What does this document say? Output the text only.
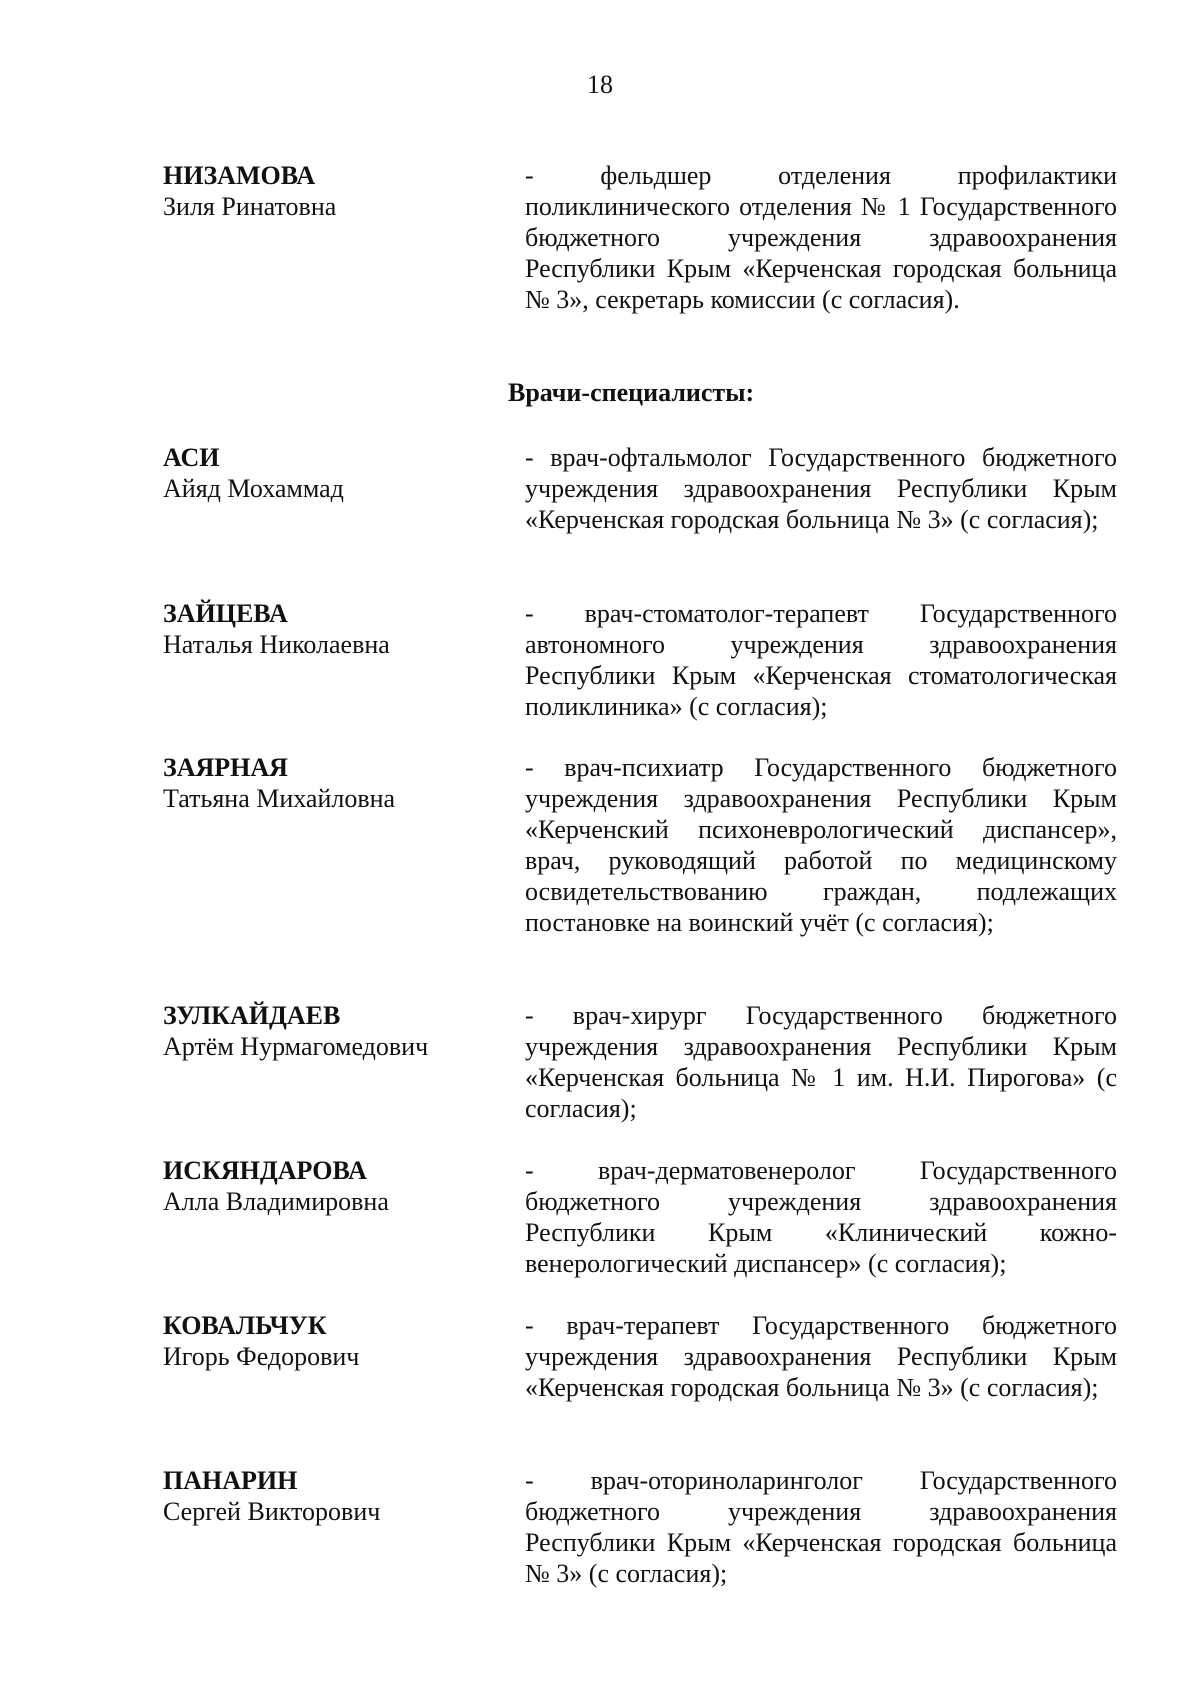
18
НИЗАМОВА
Зиля Ринатовна
- фельдшер отделения профилактики поликлинического отделения № 1 Государственного бюджетного учреждения здравоохранения Республики Крым «Керченская городская больница № 3», секретарь комиссии (с согласия).
Врачи-специалисты:
АСИ
Айяд Мохаммад
- врач-офтальмолог Государственного бюджетного учреждения здравоохранения Республики Крым «Керченская городская больница № 3» (с согласия);
ЗАЙЦЕВА
Наталья Николаевна
- врач-стоматолог-терапевт Государственного автономного учреждения здравоохранения Республики Крым «Керченская стоматологическая поликлиника» (с согласия);
ЗАЯРНАЯ
Татьяна Михайловна
- врач-психиатр Государственного бюджетного учреждения здравоохранения Республики Крым «Керченский психоневрологический диспансер», врач, руководящий работой по медицинскому освидетельствованию граждан, подлежащих постановке на воинский учёт (с согласия);
ЗУЛКАЙДАЕВ
Артём Нурмагомедович
- врач-хирург Государственного бюджетного учреждения здравоохранения Республики Крым «Керченская больница № 1 им. Н.И. Пирогова» (с согласия);
ИСКЯНДАРОВА
Алла Владимировна
- врач-дерматовенеролог Государственного бюджетного учреждения здравоохранения Республики Крым «Клинический кожно-венерологический диспансер» (с согласия);
КОВАЛЬЧУК
Игорь Федорович
- врач-терапевт Государственного бюджетного учреждения здравоохранения Республики Крым «Керченская городская больница № 3» (с согласия);
ПАНАРИН
Сергей Викторович
- врач-оториноларинголог Государственного бюджетного учреждения здравоохранения Республики Крым «Керченская городская больница № 3» (с согласия);
